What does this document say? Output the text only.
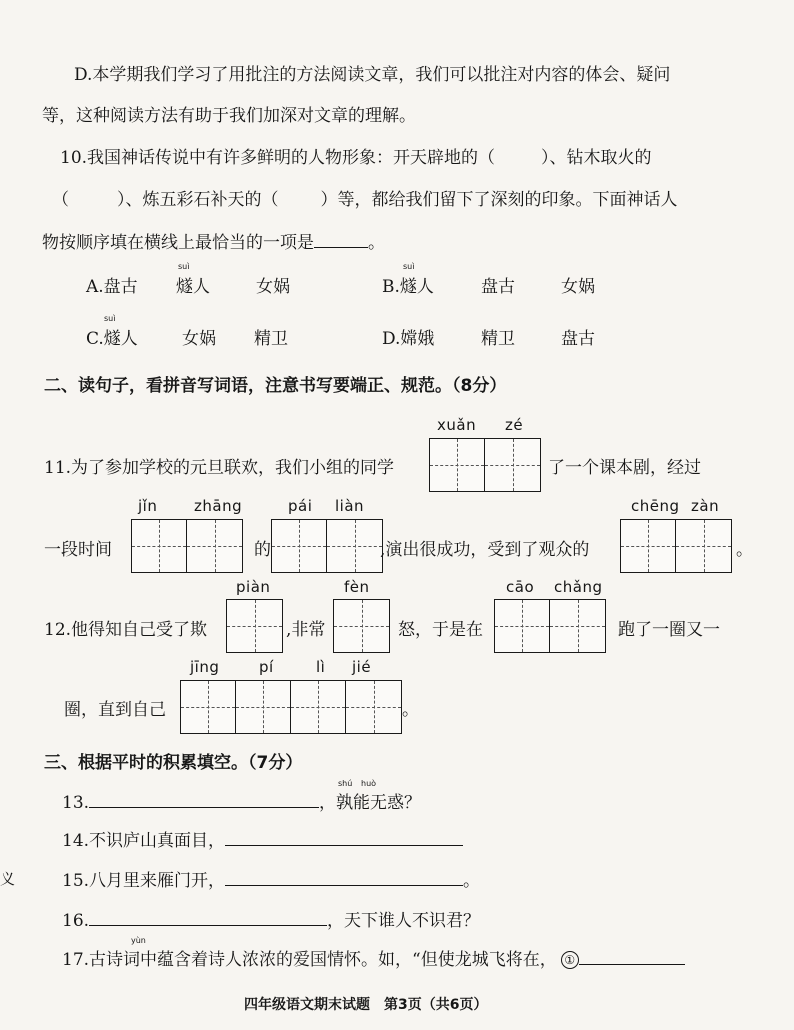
D.本学期我们学习了用批注的方法阅读文章，我们可以批注对内容的体会、疑问
等，这种阅读方法有助于我们加深对文章的理解。
10.我国神话传说中有许多鲜明的人物形象：开天辟地的（	）、钻木取火的
（	）、炼五彩石补天的（ ）等，都给我们留下了深刻的印象。下面神话人
物按顺序填在横线上最恰当的一项是	。
suì
A.盘古 燧人	女娲
suì
B.燧人	盘古	女娲
suì
C.燧人	女娲 精卫	D.嫦娥	精卫	盘古
二、读句子，看拼音写词语，注意书写要端正、规范。（8分）
xuǎn zé
11.为了参加学校的元旦联欢，我们小组的同学	了一个课本剧，经过
jǐn zhāng	pái liàn	chēng zàn
一段时间	的	,演出很成功，受到了观众的	。
piàn	fèn	cāo chǎng
12.他得知自己受了欺	,非常	怒，于是在	跑了一圈又一
jīng	pí	lì jié
圈，直到自己	。
三、根据平时的积累填空。（7分）
shú huò
13.	，孰能无惑？
14.不识庐山真面目，
义	15.八月里来雁门开，	。
16.	，天下谁人不识君？
yùn
17.古诗词中蕴含着诗人浓浓的爱国情怀。如，“但使龙城飞将在， ①
四年级语文期末试题　第3页（共6页）
